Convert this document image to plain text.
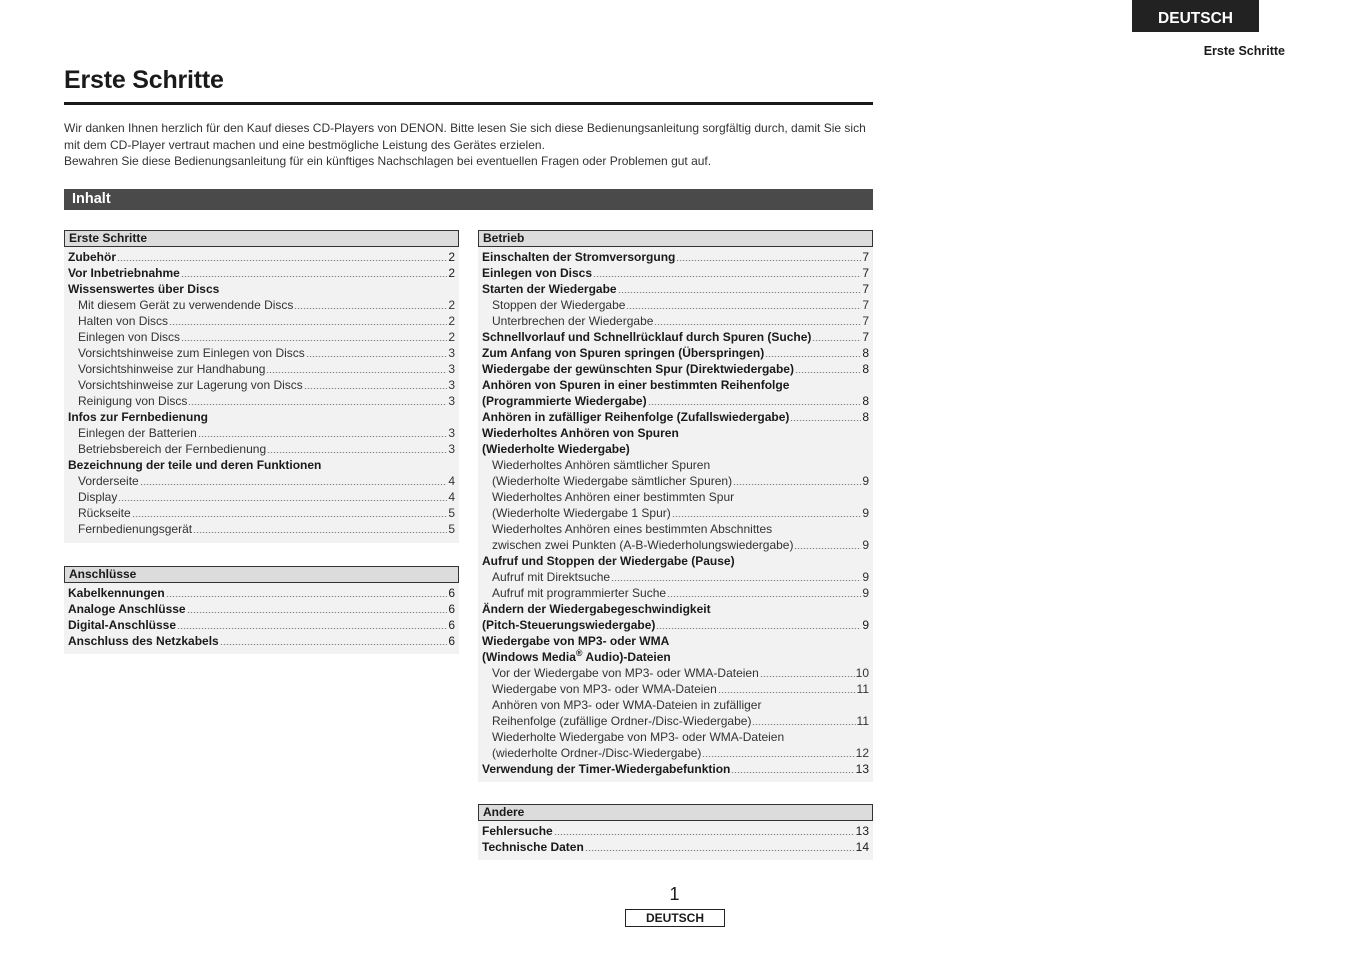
DEUTSCH
Erste Schritte
Erste Schritte

Wir danken Ihnen herzlich für den Kauf dieses CD-Players von DENON. Bitte lesen Sie sich diese Bedienungsanleitung sorgfältig durch, damit Sie sich mit dem CD-Player vertraut machen und eine bestmögliche Leistung des Gerätes erzielen.

Bewahren Sie diese Bedienungsanleitung für ein künftiges Nachschlagen bei eventuellen Fragen oder Problemen gut auf.

Inhalt
Erste Schritte
Zubehör	2
Vor Inbetriebnahme	2
Wissenswertes über Discs
Mit diesem Gerät zu verwendende Discs	2
Halten von Discs	2
Einlegen von Discs	2
Vorsichtshinweise zum Einlegen von Discs	3
Vorsichtshinweise zur Handhabung	3
Vorsichtshinweise zur Lagerung von Discs	3
Reinigung von Discs	3
Infos zur Fernbedienung
Einlegen der Batterien	3
Betriebsbereich der Fernbedienung	3
Bezeichnung der teile und deren Funktionen
Vorderseite	4
Display	4
Rückseite	5
Fernbedienungsgerät	5
Anschlüsse
Kabelkennungen	6
Analoge Anschlüsse	6
Digital-Anschlüsse	6
Anschluss des Netzkabels	6
Betrieb
Einschalten der Stromversorgung	7
Einlegen von Discs	7
Starten der Wiedergabe	7
Stoppen der Wiedergabe	7
Unterbrechen der Wiedergabe	7
Schnellvorlauf und Schnellrücklauf durch Spuren (Suche)	7
Zum Anfang von Spuren springen (Überspringen)	8
Wiedergabe der gewünschten Spur (Direktwiedergabe)	8
Anhören von Spuren in einer bestimmten Reihenfolge
(Programmierte Wiedergabe)	8
Anhören in zufälliger Reihenfolge (Zufallswiedergabe)	8
Wiederholtes Anhören von Spuren
(Wiederholte Wiedergabe)
Wiederholtes Anhören sämtlicher Spuren
(Wiederholte Wiedergabe sämtlicher Spuren)	9
Wiederholtes Anhören einer bestimmten Spur
(Wiederholte Wiedergabe 1 Spur)	9
Wiederholtes Anhören eines bestimmten Abschnittes
zwischen zwei Punkten (A-B-Wiederholungswiedergabe)	9
Aufruf und Stoppen der Wiedergabe (Pause)
Aufruf mit Direktsuche	9
Aufruf mit programmierter Suche	9
Ändern der Wiedergabegeschwindigkeit
(Pitch-Steuerungswiedergabe)	9
Wiedergabe von MP3- oder WMA
(Windows Media® Audio)-Dateien
Vor der Wiedergabe von MP3- oder WMA-Dateien	10
Wiedergabe von MP3- oder WMA-Dateien	11
Anhören von MP3- oder WMA-Dateien in zufälliger
Reihenfolge (zufällige Ordner-/Disc-Wiedergabe)	11
Wiederholte Wiedergabe von MP3- oder WMA-Dateien
(wiederholte Ordner-/Disc-Wiedergabe)	12
Verwendung der Timer-Wiedergabefunktion	13
Andere
Fehlersuche	13
Technische Daten	14
1
DEUTSCH
